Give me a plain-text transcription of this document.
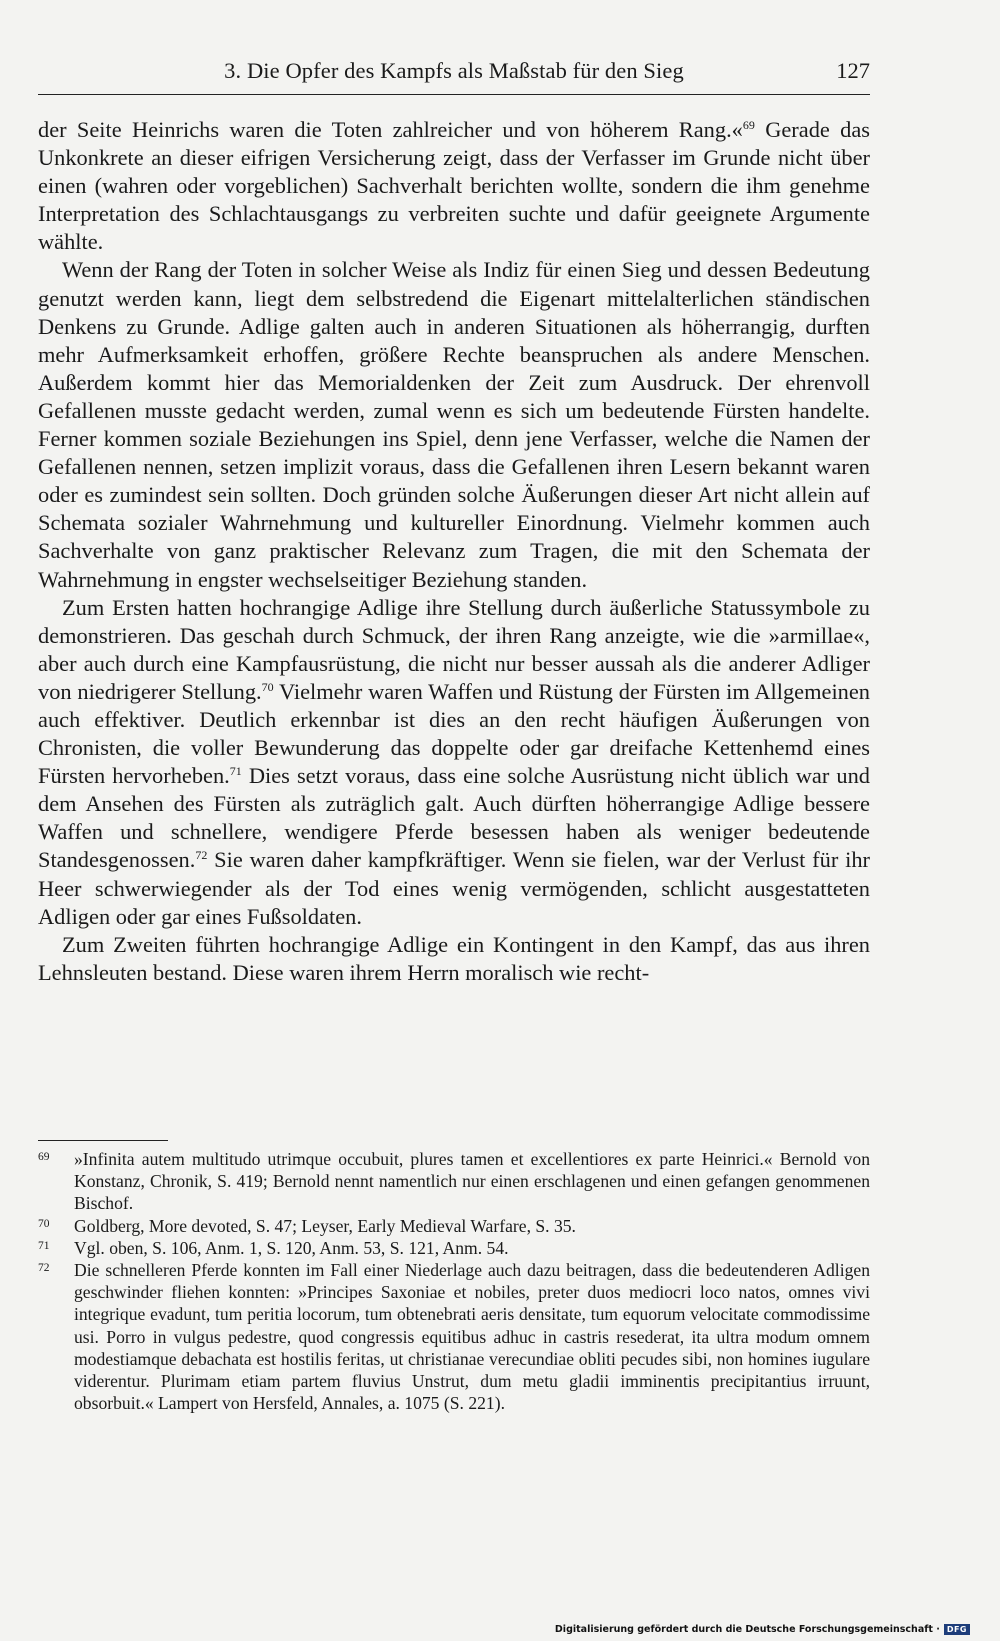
3. Die Opfer des Kampfs als Maßstab für den Sieg	127

der Seite Heinrichs waren die Toten zahlreicher und von höherem Rang.«$^{69}$ Gerade das Unkonkrete an dieser eifrigen Versicherung zeigt, dass der Verfasser im Grunde nicht über einen (wahren oder vorgeblichen) Sachverhalt berichten wollte, sondern die ihm genehme Interpretation des Schlachtausgangs zu verbreiten suchte und dafür geeignete Argumente wählte.

Wenn der Rang der Toten in solcher Weise als Indiz für einen Sieg und dessen Bedeutung genutzt werden kann, liegt dem selbstredend die Eigenart mittelalterlichen ständischen Denkens zu Grunde. Adlige galten auch in anderen Situationen als höherrangig, durften mehr Aufmerksamkeit erhoffen, größere Rechte beanspruchen als andere Menschen. Außerdem kommt hier das Memorialdenken der Zeit zum Ausdruck. Der ehrenvoll Gefallenen musste gedacht werden, zumal wenn es sich um bedeutende Fürsten handelte. Ferner kommen soziale Beziehungen ins Spiel, denn jene Verfasser, welche die Namen der Gefallenen nennen, setzen implizit voraus, dass die Gefallenen ihren Lesern bekannt waren oder es zumindest sein sollten. Doch gründen solche Äußerungen dieser Art nicht allein auf Schemata sozialer Wahrnehmung und kultureller Einordnung. Vielmehr kommen auch Sachverhalte von ganz praktischer Relevanz zum Tragen, die mit den Schemata der Wahrnehmung in engster wechselseitiger Beziehung standen.

Zum Ersten hatten hochrangige Adlige ihre Stellung durch äußerliche Statussymbole zu demonstrieren. Das geschah durch Schmuck, der ihren Rang anzeigte, wie die »armillae«, aber auch durch eine Kampfausrüstung, die nicht nur besser aussah als die anderer Adliger von niedrigerer Stellung.$^{70}$ Vielmehr waren Waffen und Rüstung der Fürsten im Allgemeinen auch effektiver. Deutlich erkennbar ist dies an den recht häufigen Äußerungen von Chronisten, die voller Bewunderung das doppelte oder gar dreifache Kettenhemd eines Fürsten hervorheben.$^{71}$ Dies setzt voraus, dass eine solche Ausrüstung nicht üblich war und dem Ansehen des Fürsten als zuträglich galt. Auch dürften höherrangige Adlige bessere Waffen und schnellere, wendigere Pferde besessen haben als weniger bedeutende Standesgenossen.$^{72}$ Sie waren daher kampfkräftiger. Wenn sie fielen, war der Verlust für ihr Heer schwerwiegender als der Tod eines wenig vermögenden, schlicht ausgestatteten Adligen oder gar eines Fußsoldaten.

Zum Zweiten führten hochrangige Adlige ein Kontingent in den Kampf, das aus ihren Lehnsleuten bestand. Diese waren ihrem Herrn moralisch wie recht-

69	»Infinita autem multitudo utrimque occubuit, plures tamen et excellentiores ex parte Heinrici.« Bernold von Konstanz, Chronik, S. 419; Bernold nennt namentlich nur einen erschlagenen und einen gefangen genommenen Bischof.

70	Goldberg, More devoted, S. 47; Leyser, Early Medieval Warfare, S. 35.

71	Vgl. oben, S. 106, Anm. 1, S. 120, Anm. 53, S. 121, Anm. 54.

72	Die schnelleren Pferde konnten im Fall einer Niederlage auch dazu beitragen, dass die bedeutenderen Adligen geschwinder fliehen konnten: »Principes Saxoniae et nobiles, preter duos mediocri loco natos, omnes vivi integrique evadunt, tum peritia locorum, tum obtenebrati aeris densitate, tum equorum velocitate commodissime usi. Porro in vulgus pedestre, quod congressis equitibus adhuc in castris resederat, ita ultra modum omnem modestiamque debachata est hostilis feritas, ut christianae verecundiae obliti pecudes sibi, non homines iugulare viderentur. Plurimam etiam partem fluvius Unstrut, dum metu gladii imminentis precipitantius irruunt, obsorbuit.« Lampert von Hersfeld, Annales, a. 1075 (S. 221).

Digitalisierung gefördert durch die Deutsche Forschungsgemeinschaft · DFG
